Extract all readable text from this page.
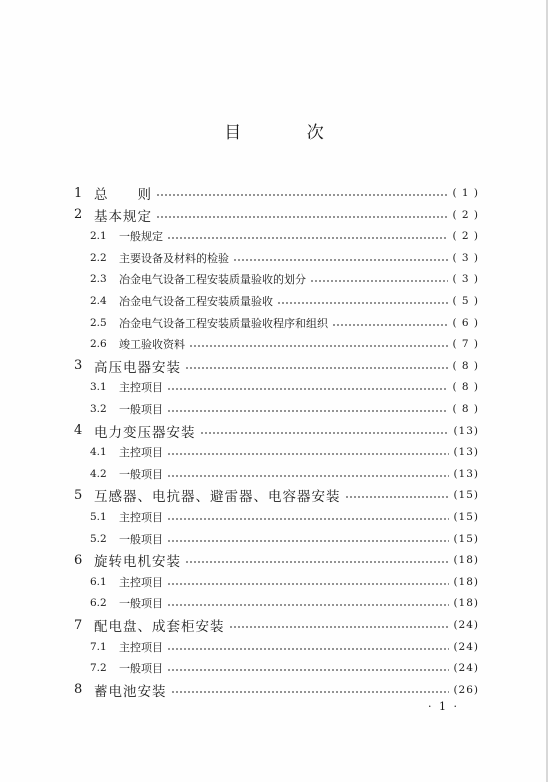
目 次
1 总　　则	( 1 )
2 基本规定	( 2 )
2.1	一般规定	( 2 )
2.2	主要设备及材料的检验	( 3 )
2.3	冶金电气设备工程安装质量验收的划分	( 3 )
2.4	冶金电气设备工程安装质量验收	( 5 )
2.5	冶金电气设备工程安装质量验收程序和组织	( 6 )
2.6	竣工验收资料	( 7 )
3 高压电器安装	( 8 )
3.1	主控项目	( 8 )
3.2	一般项目	( 8 )
4 电力变压器安装	(13)
4.1	主控项目	(13)
4.2	一般项目	(13)
5 互感器、电抗器、避雷器、电容器安装	(15)
5.1	主控项目	(15)
5.2	一般项目	(15)
6 旋转电机安装	(18)
6.1	主控项目	(18)
6.2	一般项目	(18)
7 配电盘、成套柜安装	(24)
7.1	主控项目	(24)
7.2	一般项目	(24)
8 蓄电池安装	(26)
· 1 ·
